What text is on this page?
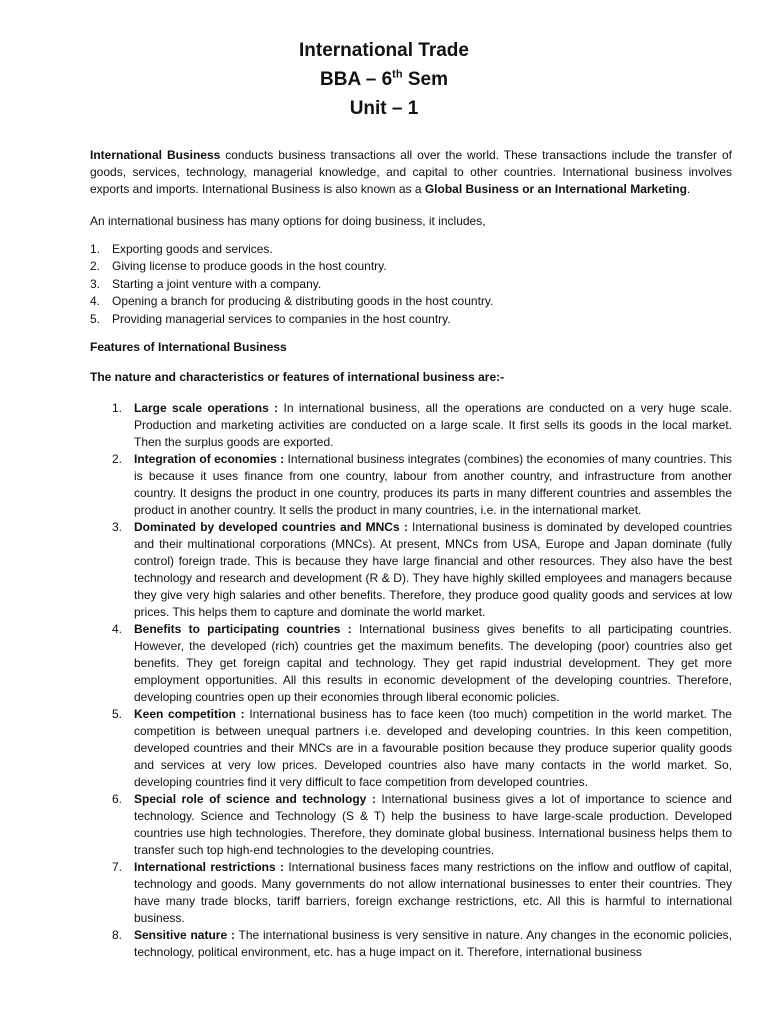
International Trade
BBA – 6th Sem
Unit – 1

International Business conducts business transactions all over the world. These transactions include the transfer of goods, services, technology, managerial knowledge, and capital to other countries. International business involves exports and imports. International Business is also known as a Global Business or an International Marketing.

An international business has many options for doing business, it includes,

1. Exporting goods and services.
2. Giving license to produce goods in the host country.
3. Starting a joint venture with a company.
4. Opening a branch for producing & distributing goods in the host country.
5. Providing managerial services to companies in the host country.

Features of International Business

The nature and characteristics or features of international business are:-

1. Large scale operations : In international business, all the operations are conducted on a very huge scale. Production and marketing activities are conducted on a large scale. It first sells its goods in the local market. Then the surplus goods are exported.
2. Integration of economies : International business integrates (combines) the economies of many countries. This is because it uses finance from one country, labour from another country, and infrastructure from another country. It designs the product in one country, produces its parts in many different countries and assembles the product in another country. It sells the product in many countries, i.e. in the international market.
3. Dominated by developed countries and MNCs : International business is dominated by developed countries and their multinational corporations (MNCs). At present, MNCs from USA, Europe and Japan dominate (fully control) foreign trade. This is because they have large financial and other resources. They also have the best technology and research and development (R & D). They have highly skilled employees and managers because they give very high salaries and other benefits. Therefore, they produce good quality goods and services at low prices. This helps them to capture and dominate the world market.
4. Benefits to participating countries : International business gives benefits to all participating countries. However, the developed (rich) countries get the maximum benefits. The developing (poor) countries also get benefits. They get foreign capital and technology. They get rapid industrial development. They get more employment opportunities. All this results in economic development of the developing countries. Therefore, developing countries open up their economies through liberal economic policies.
5. Keen competition : International business has to face keen (too much) competition in the world market. The competition is between unequal partners i.e. developed and developing countries. In this keen competition, developed countries and their MNCs are in a favourable position because they produce superior quality goods and services at very low prices. Developed countries also have many contacts in the world market. So, developing countries find it very difficult to face competition from developed countries.
6. Special role of science and technology : International business gives a lot of importance to science and technology. Science and Technology (S & T) help the business to have large-scale production. Developed countries use high technologies. Therefore, they dominate global business. International business helps them to transfer such top high-end technologies to the developing countries.
7. International restrictions : International business faces many restrictions on the inflow and outflow of capital, technology and goods. Many governments do not allow international businesses to enter their countries. They have many trade blocks, tariff barriers, foreign exchange restrictions, etc. All this is harmful to international business.
8. Sensitive nature : The international business is very sensitive in nature. Any changes in the economic policies, technology, political environment, etc. has a huge impact on it. Therefore, international business
